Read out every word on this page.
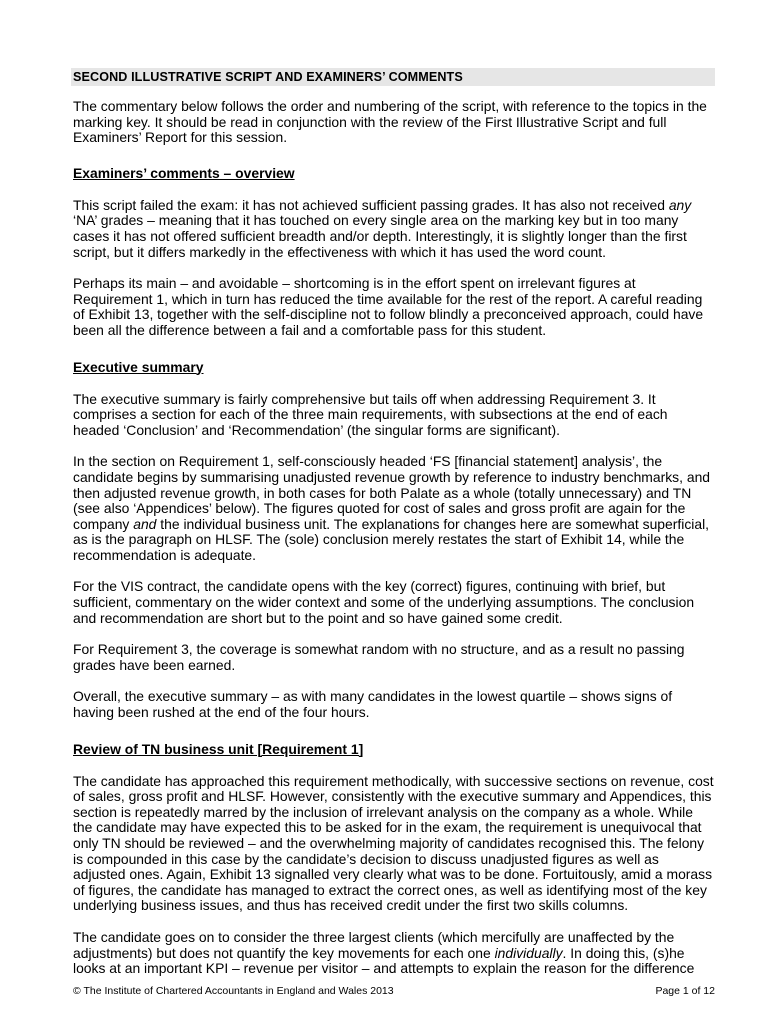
SECOND ILLUSTRATIVE SCRIPT AND EXAMINERS’ COMMENTS

The commentary below follows the order and numbering of the script, with reference to the topics in the marking key. It should be read in conjunction with the review of the First Illustrative Script and full Examiners’ Report for this session.

Examiners’ comments – overview

This script failed the exam: it has not achieved sufficient passing grades. It has also not received any ‘NA’ grades – meaning that it has touched on every single area on the marking key but in too many cases it has not offered sufficient breadth and/or depth. Interestingly, it is slightly longer than the first script, but it differs markedly in the effectiveness with which it has used the word count.

Perhaps its main – and avoidable – shortcoming is in the effort spent on irrelevant figures at Requirement 1, which in turn has reduced the time available for the rest of the report. A careful reading of Exhibit 13, together with the self-discipline not to follow blindly a preconceived approach, could have been all the difference between a fail and a comfortable pass for this student.

Executive summary

The executive summary is fairly comprehensive but tails off when addressing Requirement 3. It comprises a section for each of the three main requirements, with subsections at the end of each headed ‘Conclusion’ and ‘Recommendation’ (the singular forms are significant).

In the section on Requirement 1, self-consciously headed ‘FS [financial statement] analysis’, the candidate begins by summarising unadjusted revenue growth by reference to industry benchmarks, and then adjusted revenue growth, in both cases for both Palate as a whole (totally unnecessary) and TN (see also ‘Appendices’ below). The figures quoted for cost of sales and gross profit are again for the company and the individual business unit. The explanations for changes here are somewhat superficial, as is the paragraph on HLSF. The (sole) conclusion merely restates the start of Exhibit 14, while the recommendation is adequate.

For the VIS contract, the candidate opens with the key (correct) figures, continuing with brief, but sufficient, commentary on the wider context and some of the underlying assumptions. The conclusion and recommendation are short but to the point and so have gained some credit.

For Requirement 3, the coverage is somewhat random with no structure, and as a result no passing grades have been earned.

Overall, the executive summary – as with many candidates in the lowest quartile – shows signs of having been rushed at the end of the four hours.

Review of TN business unit [Requirement 1]

The candidate has approached this requirement methodically, with successive sections on revenue, cost of sales, gross profit and HLSF. However, consistently with the executive summary and Appendices, this section is repeatedly marred by the inclusion of irrelevant analysis on the company as a whole. While the candidate may have expected this to be asked for in the exam, the requirement is unequivocal that only TN should be reviewed – and the overwhelming majority of candidates recognised this. The felony is compounded in this case by the candidate’s decision to discuss unadjusted figures as well as adjusted ones. Again, Exhibit 13 signalled very clearly what was to be done. Fortuitously, amid a morass of figures, the candidate has managed to extract the correct ones, as well as identifying most of the key underlying business issues, and thus has received credit under the first two skills columns.

The candidate goes on to consider the three largest clients (which mercifully are unaffected by the adjustments) but does not quantify the key movements for each one individually. In doing this, (s)he looks at an important KPI – revenue per visitor – and attempts to explain the reason for the difference

© The Institute of Chartered Accountants in England and Wales 2013	Page 1 of 12
